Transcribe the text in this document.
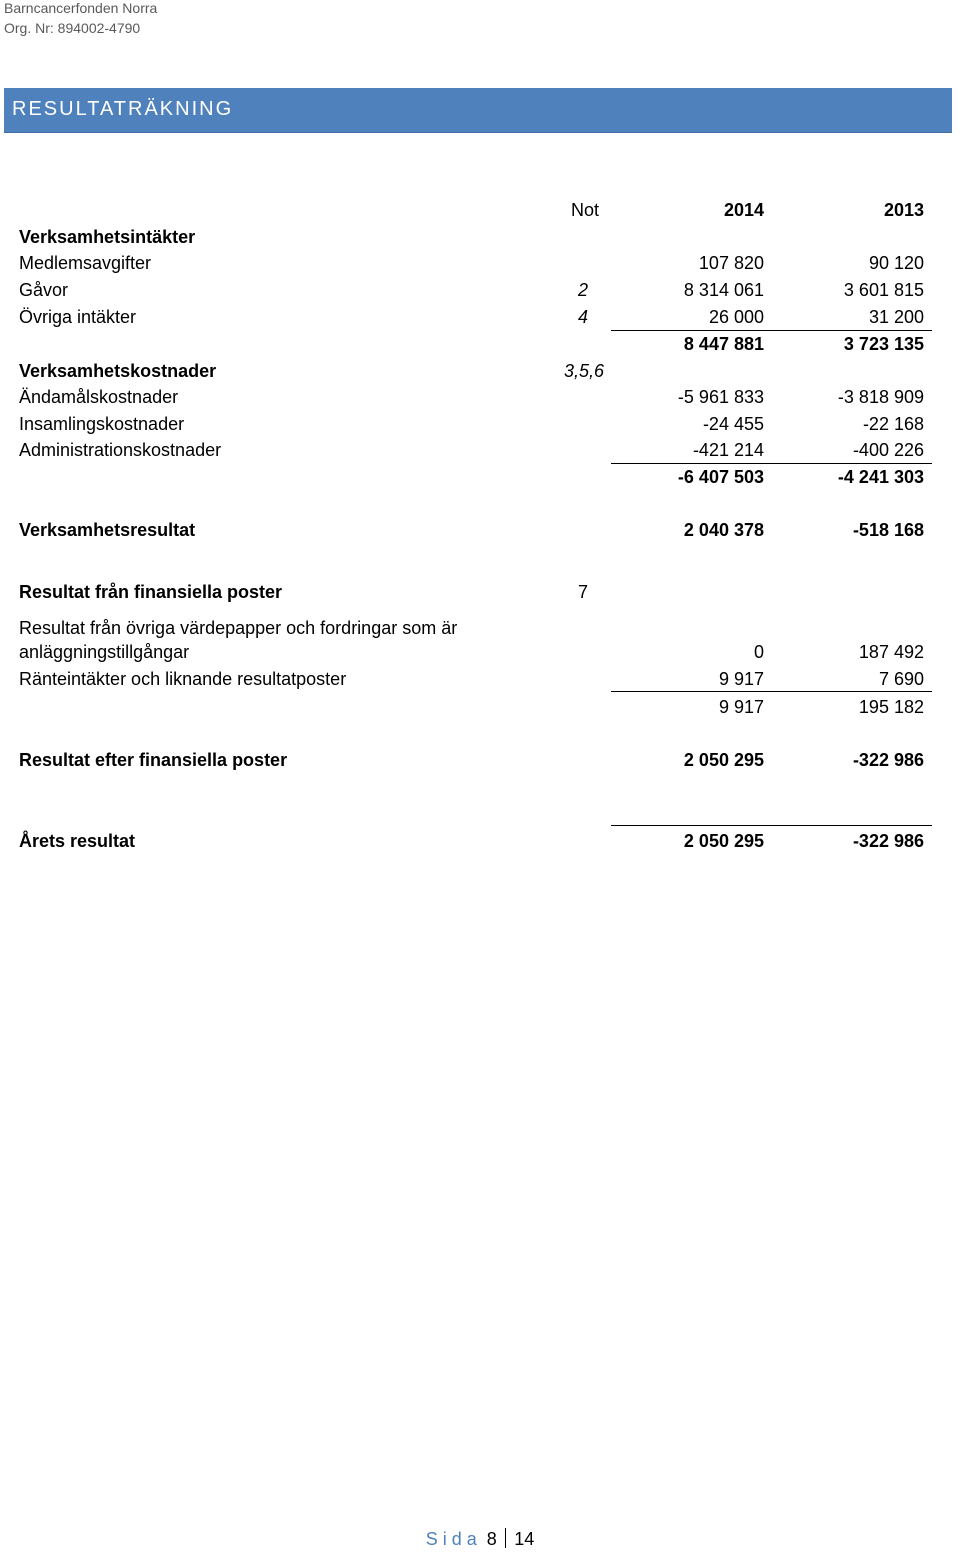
Barncancerfonden Norra
Org. Nr: 894002-4790
RESULTATRÄKNING
Not	2014	2013
Verksamhetsintäkter
Medlemsavgifter	107 820	90 120
Gåvor	2	8 314 061	3 601 815
Övriga intäkter	4	26 000	31 200
8 447 881	3 723 135
Verksamhetskostnader	3,5,6
Ändamålskostnader	-5 961 833	-3 818 909
Insamlingskostnader	-24 455	-22 168
Administrationskostnader	-421 214	-400 226
-6 407 503	-4 241 303
Verksamhetsresultat	2 040 378	-518 168
Resultat från finansiella poster	7
Resultat från övriga värdepapper och fordringar som är
anläggningstillgångar	0	187 492
Ränteintäkter och liknande resultatposter	9 917	7 690
9 917	195 182
Resultat efter finansiella poster	2 050 295	-322 986
Årets resultat	2 050 295	-322 986
Sida 8 14
